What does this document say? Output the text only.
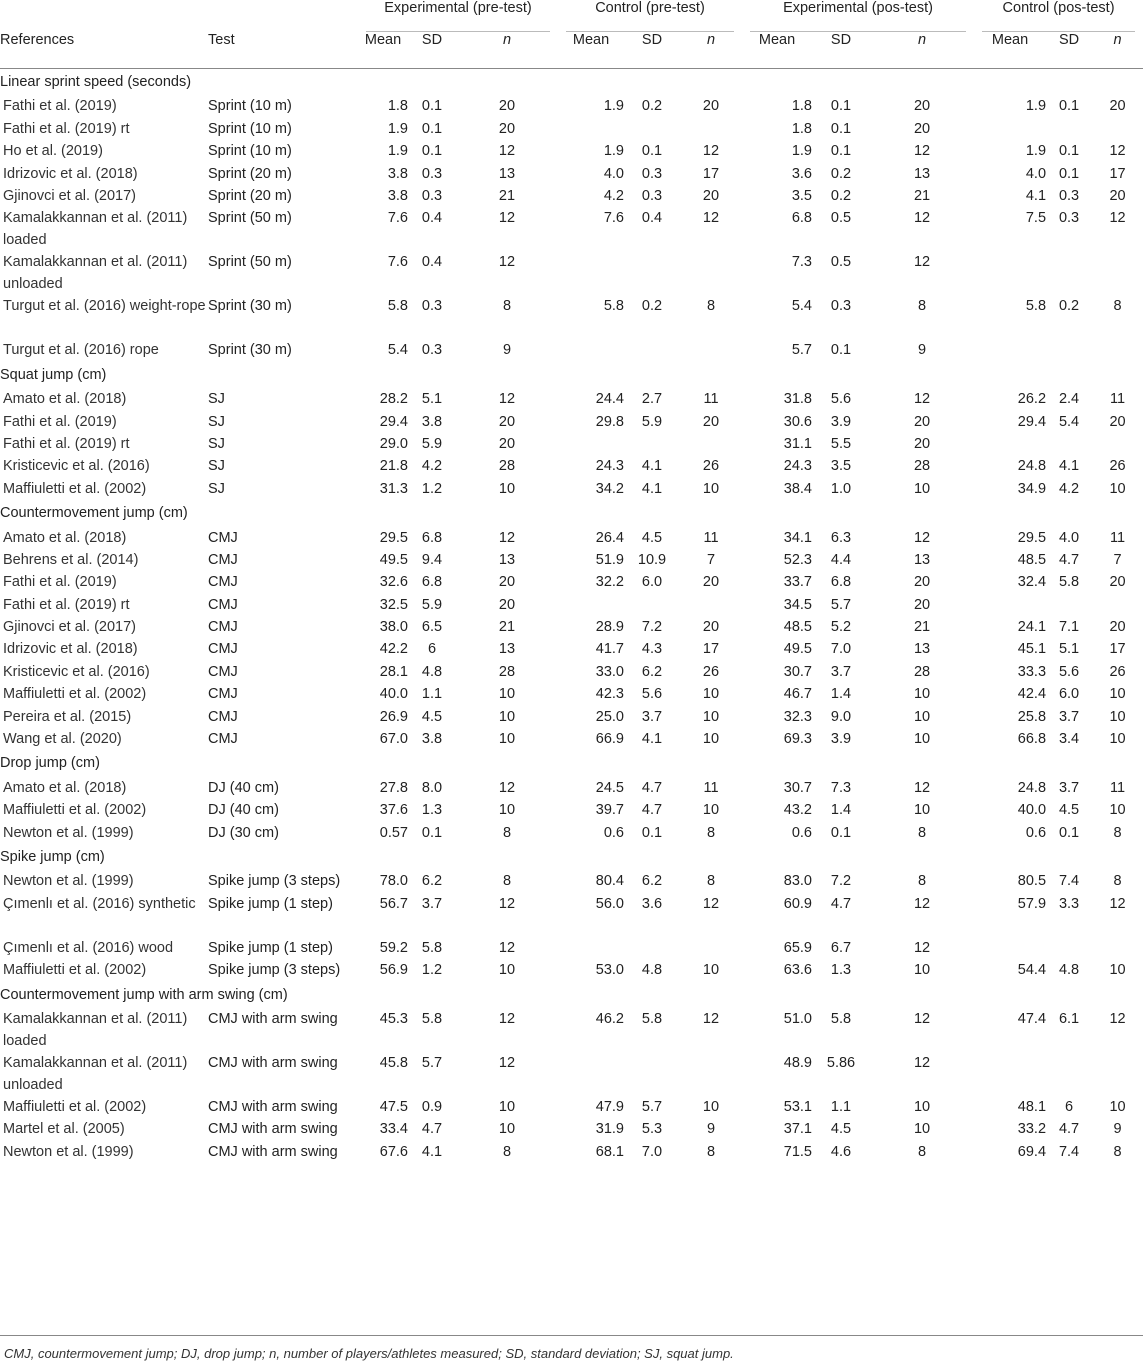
		Experimental (pre-test)			Control (pre-test)			Experimental (pos-test)			Control (pos-test)		

References	Test	Mean	SD	n	Mean	SD	n	Mean	SD	n	Mean	SD	n
Linear sprint speed (seconds)													
Fathi et al. (2019)	Sprint (10 m)	1.8	0.1	20	1.9	0.2	20	1.8	0.1	20	1.9	0.1	20
Fathi et al. (2019) rt	Sprint (10 m)	1.9	0.1	20				1.8	0.1	20			
Ho et al. (2019)	Sprint (10 m)	1.9	0.1	12	1.9	0.1	12	1.9	0.1	12	1.9	0.1	12
Idrizovic et al. (2018)	Sprint (20 m)	3.8	0.3	13	4.0	0.3	17	3.6	0.2	13	4.0	0.1	17
Gjinovci et al. (2017)	Sprint (20 m)	3.8	0.3	21	4.2	0.3	20	3.5	0.2	21	4.1	0.3	20
Kamalakkannan et al. (2011) loaded	Sprint (50 m)	7.6	0.4	12	7.6	0.4	12	6.8	0.5	12	7.5	0.3	12
Kamalakkannan et al. (2011) unloaded	Sprint (50 m)	7.6	0.4	12				7.3	0.5	12			
Turgut et al. (2016) weight-rope	Sprint (30 m)	5.8	0.3	8	5.8	0.2	8	5.4	0.3	8	5.8	0.2	8
Turgut et al. (2016) rope	Sprint (30 m)	5.4	0.3	9				5.7	0.1	9			
Squat jump (cm)													
Amato et al. (2018)	SJ	28.2	5.1	12	24.4	2.7	11	31.8	5.6	12	26.2	2.4	11
Fathi et al. (2019)	SJ	29.4	3.8	20	29.8	5.9	20	30.6	3.9	20	29.4	5.4	20
Fathi et al. (2019) rt	SJ	29.0	5.9	20				31.1	5.5	20			
Kristicevic et al. (2016)	SJ	21.8	4.2	28	24.3	4.1	26	24.3	3.5	28	24.8	4.1	26
Maffiuletti et al. (2002)	SJ	31.3	1.2	10	34.2	4.1	10	38.4	1.0	10	34.9	4.2	10
Countermovement jump (cm)													
Amato et al. (2018)	CMJ	29.5	6.8	12	26.4	4.5	11	34.1	6.3	12	29.5	4.0	11
Behrens et al. (2014)	CMJ	49.5	9.4	13	51.9	10.9	7	52.3	4.4	13	48.5	4.7	7
Fathi et al. (2019)	CMJ	32.6	6.8	20	32.2	6.0	20	33.7	6.8	20	32.4	5.8	20
Fathi et al. (2019) rt	CMJ	32.5	5.9	20				34.5	5.7	20			
Gjinovci et al. (2017)	CMJ	38.0	6.5	21	28.9	7.2	20	48.5	5.2	21	24.1	7.1	20
Idrizovic et al. (2018)	CMJ	42.2	6	13	41.7	4.3	17	49.5	7.0	13	45.1	5.1	17
Kristicevic et al. (2016)	CMJ	28.1	4.8	28	33.0	6.2	26	30.7	3.7	28	33.3	5.6	26
Maffiuletti et al. (2002)	CMJ	40.0	1.1	10	42.3	5.6	10	46.7	1.4	10	42.4	6.0	10
Pereira et al. (2015)	CMJ	26.9	4.5	10	25.0	3.7	10	32.3	9.0	10	25.8	3.7	10
Wang et al. (2020)	CMJ	67.0	3.8	10	66.9	4.1	10	69.3	3.9	10	66.8	3.4	10
Drop jump (cm)													
Amato et al. (2018)	DJ (40 cm)	27.8	8.0	12	24.5	4.7	11	30.7	7.3	12	24.8	3.7	11
Maffiuletti et al. (2002)	DJ (40 cm)	37.6	1.3	10	39.7	4.7	10	43.2	1.4	10	40.0	4.5	10
Newton et al. (1999)	DJ (30 cm)	0.57	0.1	8	0.6	0.1	8	0.6	0.1	8	0.6	0.1	8
Spike jump (cm)													
Newton et al. (1999)	Spike jump (3 steps)	78.0	6.2	8	80.4	6.2	8	83.0	7.2	8	80.5	7.4	8
Çımenlı et al. (2016) synthetic	Spike jump (1 step)	56.7	3.7	12	56.0	3.6	12	60.9	4.7	12	57.9	3.3	12
Çımenlı et al. (2016) wood	Spike jump (1 step)	59.2	5.8	12				65.9	6.7	12			
Maffiuletti et al. (2002)	Spike jump (3 steps)	56.9	1.2	10	53.0	4.8	10	63.6	1.3	10	54.4	4.8	10
Countermovement jump with arm swing (cm)													
Kamalakkannan et al. (2011) loaded	CMJ with arm swing	45.3	5.8	12	46.2	5.8	12	51.0	5.8	12	47.4	6.1	12
Kamalakkannan et al. (2011) unloaded	CMJ with arm swing	45.8	5.7	12				48.9	5.86	12			
Maffiuletti et al. (2002)	CMJ with arm swing	47.5	0.9	10	47.9	5.7	10	53.1	1.1	10	48.1	6	10
Martel et al. (2005)	CMJ with arm swing	33.4	4.7	10	31.9	5.3	9	37.1	4.5	10	33.2	4.7	9
Newton et al. (1999)	CMJ with arm swing	67.6	4.1	8	68.1	7.0	8	71.5	4.6	8	69.4	7.4	8
CMJ, countermovement jump; DJ, drop jump; n, number of players/athletes measured; SD, standard deviation; SJ, squat jump.
